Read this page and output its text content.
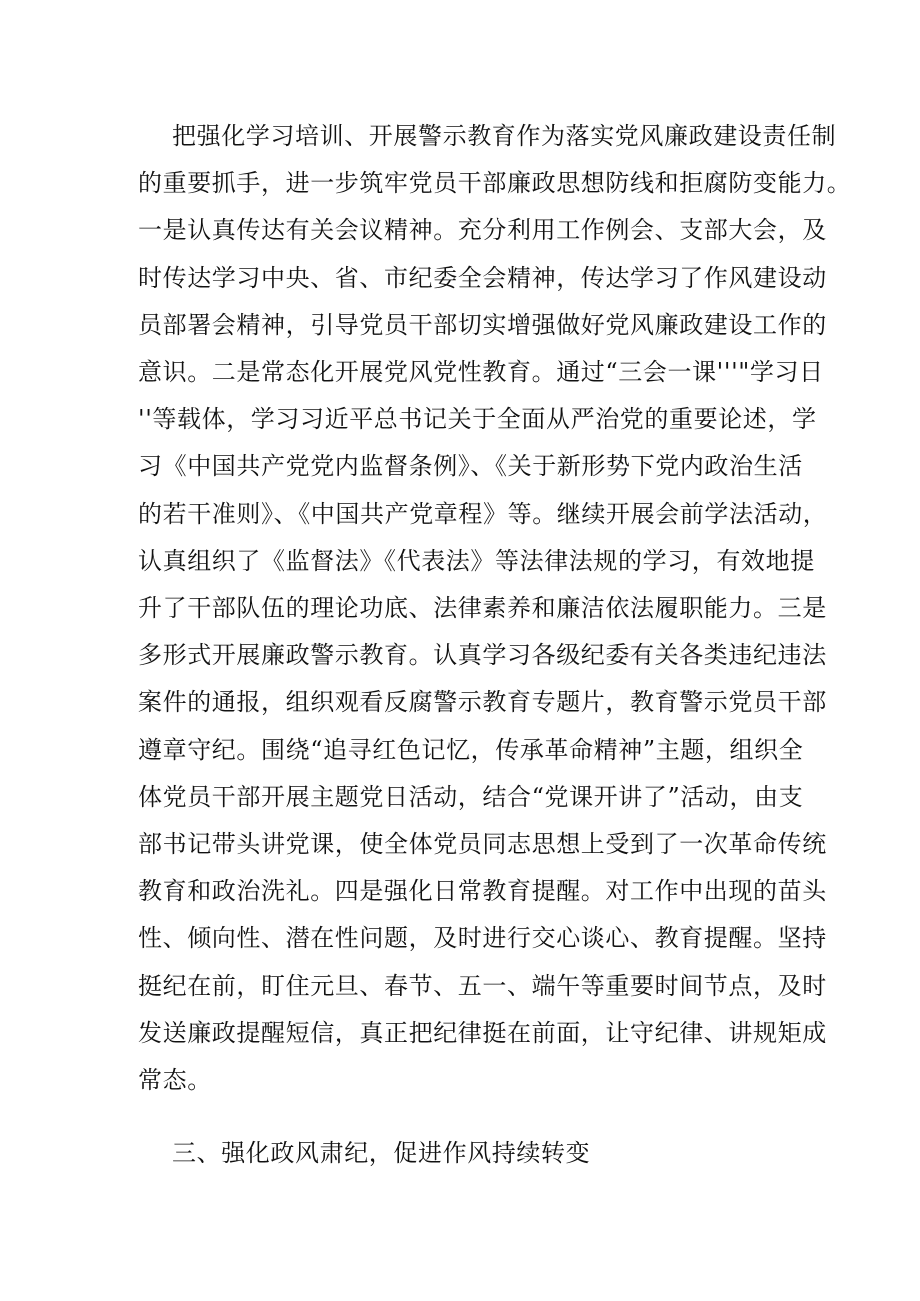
把强化学习培训、开展警示教育作为落实党风廉政建设责任制
的重要抓手，进一步筑牢党员干部廉政思想防线和拒腐防变能力。
一是认真传达有关会议精神。充分利用工作例会、支部大会，及
时传达学习中央、省、市纪委全会精神，传达学习了作风建设动
员部署会精神，引导党员干部切实增强做好党风廉政建设工作的
意识。二是常态化开展党风党性教育。通过“三会一课'''"学习日
''等载体，学习习近平总书记关于全面从严治党的重要论述，学
习《中国共产党党内监督条例》、《关于新形势下党内政治生活
的若干准则》、《中国共产党章程》等。继续开展会前学法活动，
认真组织了《监督法》《代表法》等法律法规的学习，有效地提
升了干部队伍的理论功底、法律素养和廉洁依法履职能力。三是
多形式开展廉政警示教育。认真学习各级纪委有关各类违纪违法
案件的通报，组织观看反腐警示教育专题片，教育警示党员干部
遵章守纪。围绕“追寻红色记忆，传承革命精神”主题，组织全
体党员干部开展主题党日活动，结合“党课开讲了”活动，由支
部书记带头讲党课，使全体党员同志思想上受到了一次革命传统
教育和政治洗礼。四是强化日常教育提醒。对工作中出现的苗头
性、倾向性、潜在性问题，及时进行交心谈心、教育提醒。坚持
挺纪在前，盯住元旦、春节、五一、端午等重要时间节点，及时
发送廉政提醒短信，真正把纪律挺在前面，让守纪律、讲规矩成
常态。

三、强化政风肃纪，促进作风持续转变
